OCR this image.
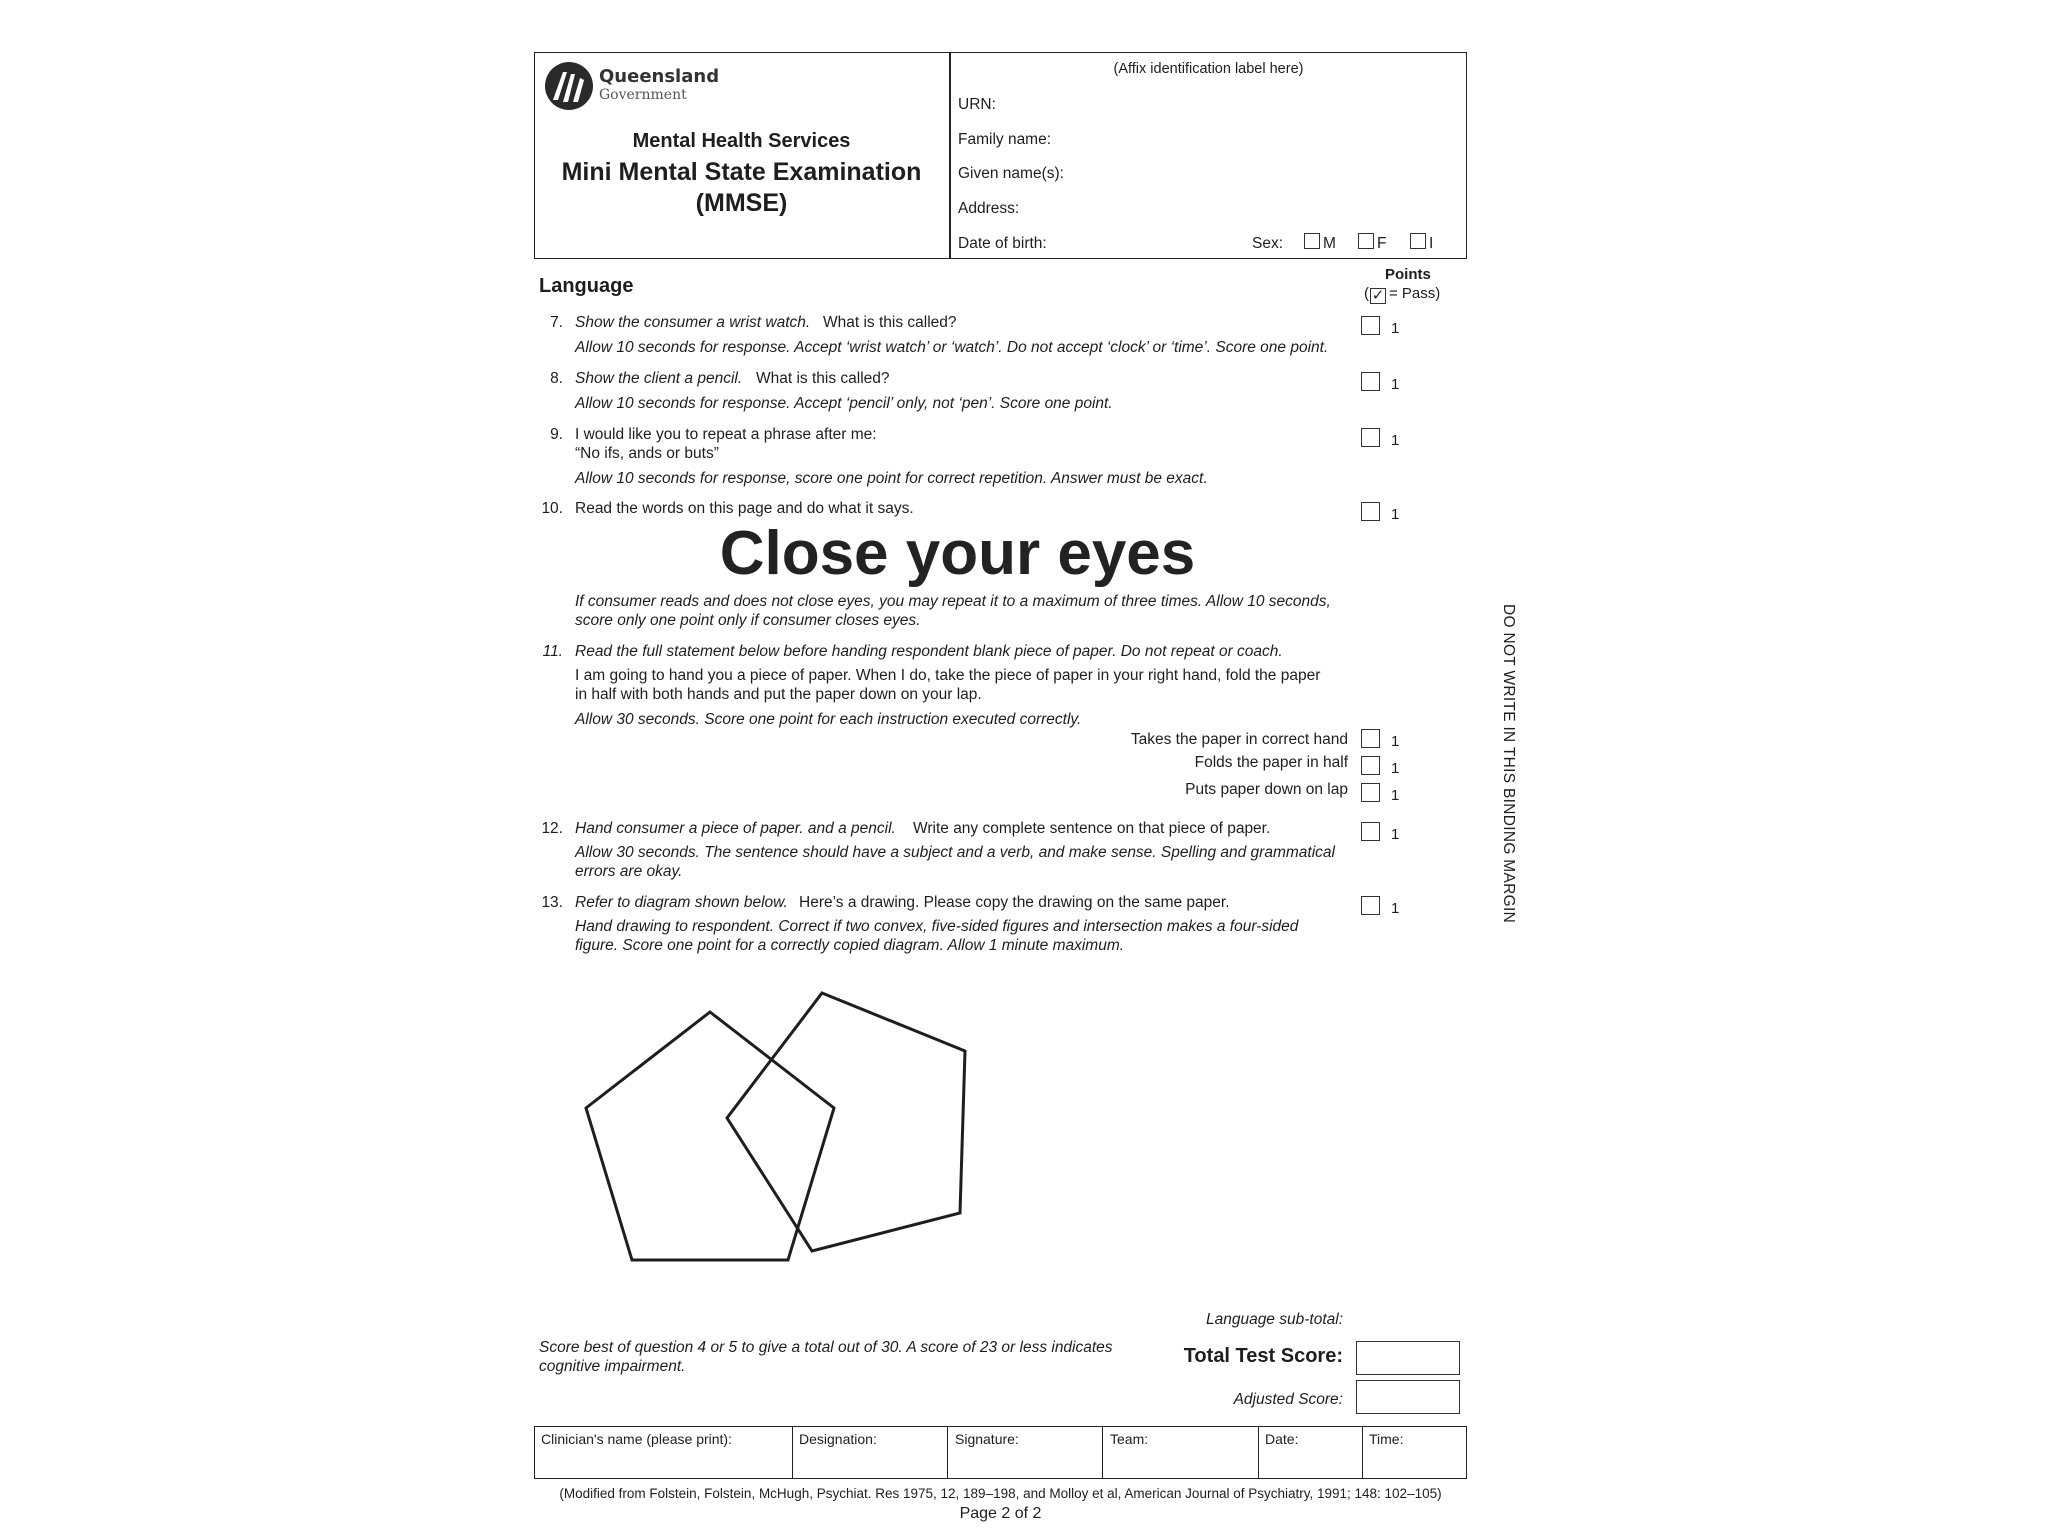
Queensland
Government
Mental Health Services
Mini Mental State Examination
(MMSE)
(Affix identification label here)
URN:
Family name:
Given name(s):
Address:
Date of birth:	Sex:	M	F	I
Language
Points
( ✓ = Pass)
7. Show the consumer a wrist watch. What is this called?
Allow 10 seconds for response. Accept ‘wrist watch’ or ‘watch’. Do not accept ‘clock’ or ‘time’. Score one point.
1
8. Show the client a pencil. What is this called?
Allow 10 seconds for response. Accept ‘pencil’ only, not ‘pen’. Score one point.
1
9. I would like you to repeat a phrase after me:
“No ifs, ands or buts”
Allow 10 seconds for response, score one point for correct repetition. Answer must be exact.
1
10. Read the words on this page and do what it says.	1
Close your eyes
If consumer reads and does not close eyes, you may repeat it to a maximum of three times. Allow 10 seconds,
score only one point only if consumer closes eyes.
11. Read the full statement below before handing respondent blank piece of paper. Do not repeat or coach.
I am going to hand you a piece of paper. When I do, take the piece of paper in your right hand, fold the paper
in half with both hands and put the paper down on your lap.
Allow 30 seconds. Score one point for each instruction executed correctly.
Takes the paper in correct hand	1
Folds the paper in half	1
Puts paper down on lap	1
12. Hand consumer a piece of paper. and a pencil. Write any complete sentence on that piece of paper.
Allow 30 seconds. The sentence should have a subject and a verb, and make sense. Spelling and grammatical
errors are okay.
1
13. Refer to diagram shown below. Here’s a drawing. Please copy the drawing on the same paper.
Hand drawing to respondent. Correct if two convex, five-sided figures and intersection makes a four-sided
figure. Score one point for a correctly copied diagram. Allow 1 minute maximum.
1
Language sub-total:
Score best of question 4 or 5 to give a total out of 30. A score of 23 or less indicates
cognitive impairment.	Total Test Score:
Adjusted Score:
Clinician's name (please print):	Designation:	Signature:	Team:	Date:	Time:
(Modified from Folstein, Folstein, McHugh, Psychiat. Res 1975, 12, 189–198, and Molloy et al, American Journal of Psychiatry, 1991; 148: 102–105)
Page 2 of 2
DO NOT WRITE IN THIS BINDING MARGIN
